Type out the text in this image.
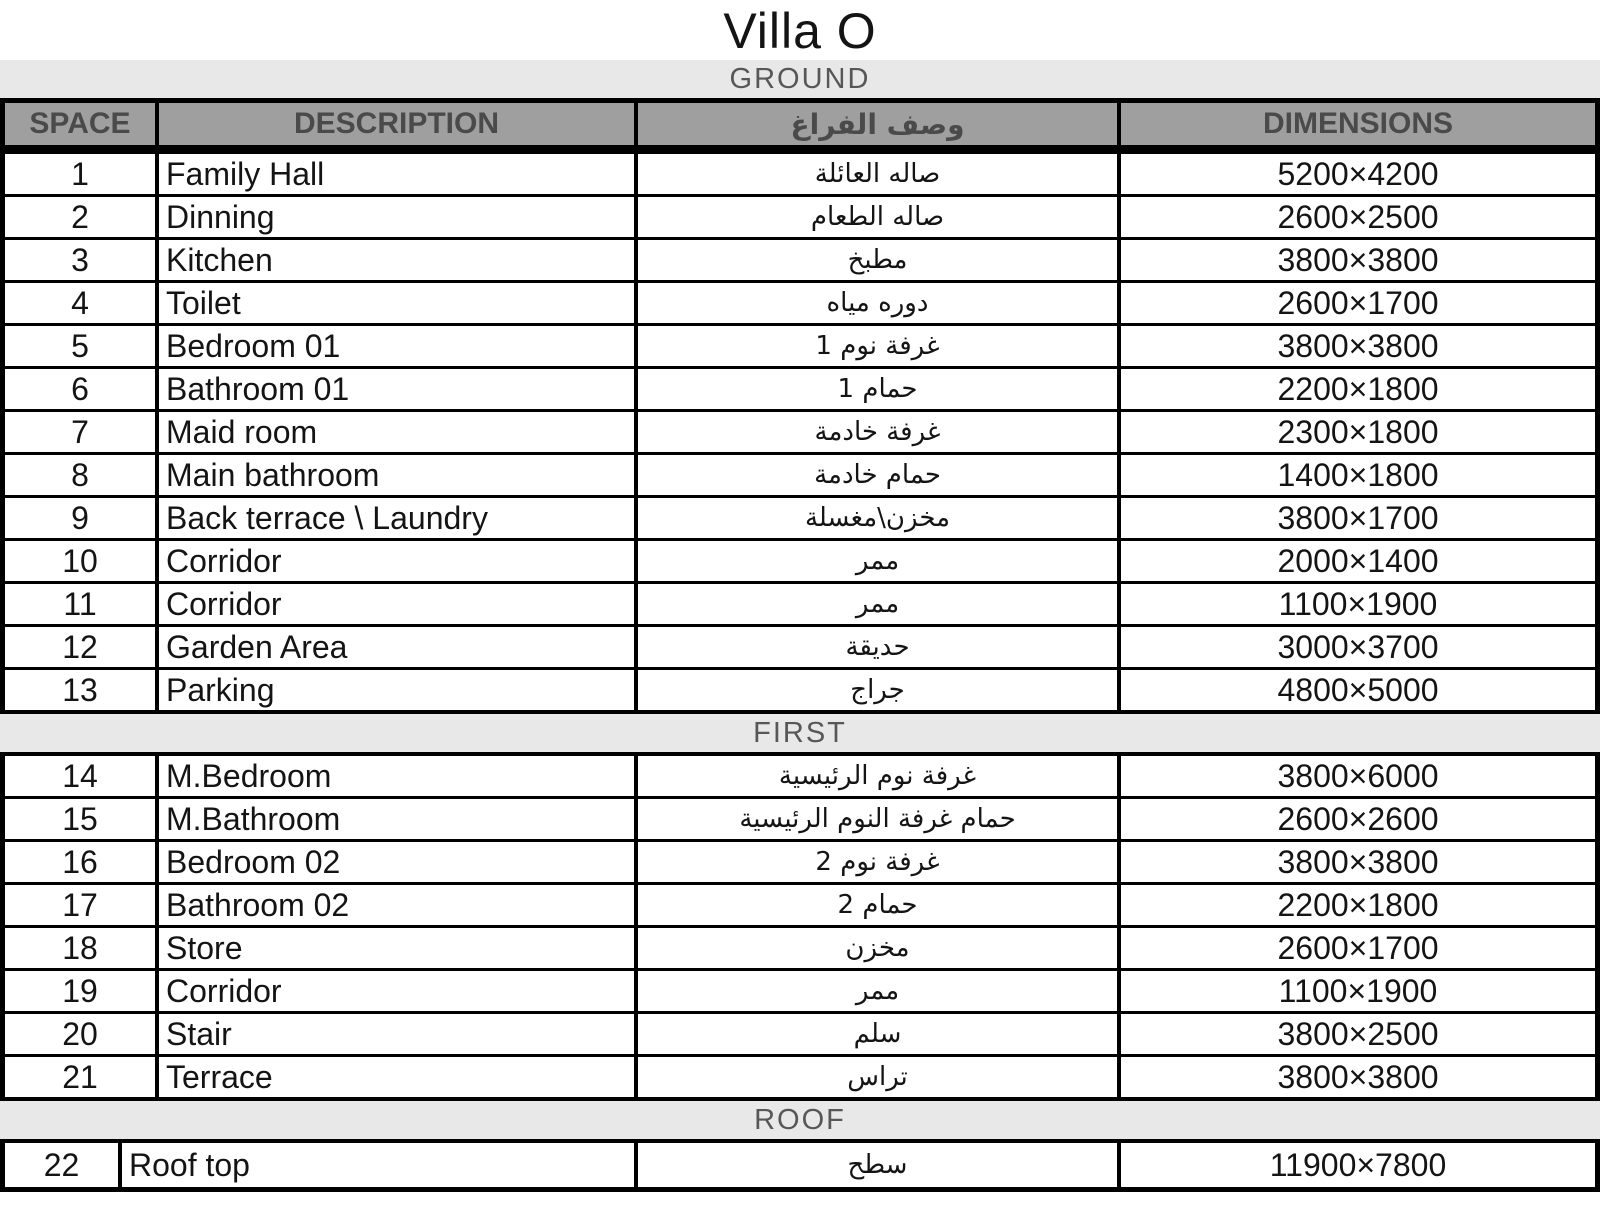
Villa O
GROUND
SPACE	DESCRIPTION	وصف الفراغ	DIMENSIONS
1	Family Hall	صاله العائلة	5200×4200
2	Dinning	صاله الطعام	2600×2500
3	Kitchen	مطبخ	3800×3800
4	Toilet	دوره مياه	2600×1700
5	Bedroom 01	غرفة نوم 1	3800×3800
6	Bathroom 01	حمام 1	2200×1800
7	Maid room	غرفة خادمة	2300×1800
8	Main bathroom	حمام خادمة	1400×1800
9	Back terrace \ Laundry	مخزن\مغسلة	3800×1700
10	Corridor	ممر	2000×1400
11	Corridor	ممر	1100×1900
12	Garden Area	حديقة	3000×3700
13	Parking	جراج	4800×5000
FIRST
14	M.Bedroom	غرفة نوم الرئيسية	3800×6000
15	M.Bathroom	حمام غرفة النوم الرئيسية	2600×2600
16	Bedroom 02	غرفة نوم 2	3800×3800
17	Bathroom 02	حمام 2	2200×1800
18	Store	مخزن	2600×1700
19	Corridor	ممر	1100×1900
20	Stair	سلم	3800×2500
21	Terrace	تراس	3800×3800
ROOF
22	Roof top	سطح	11900×7800
